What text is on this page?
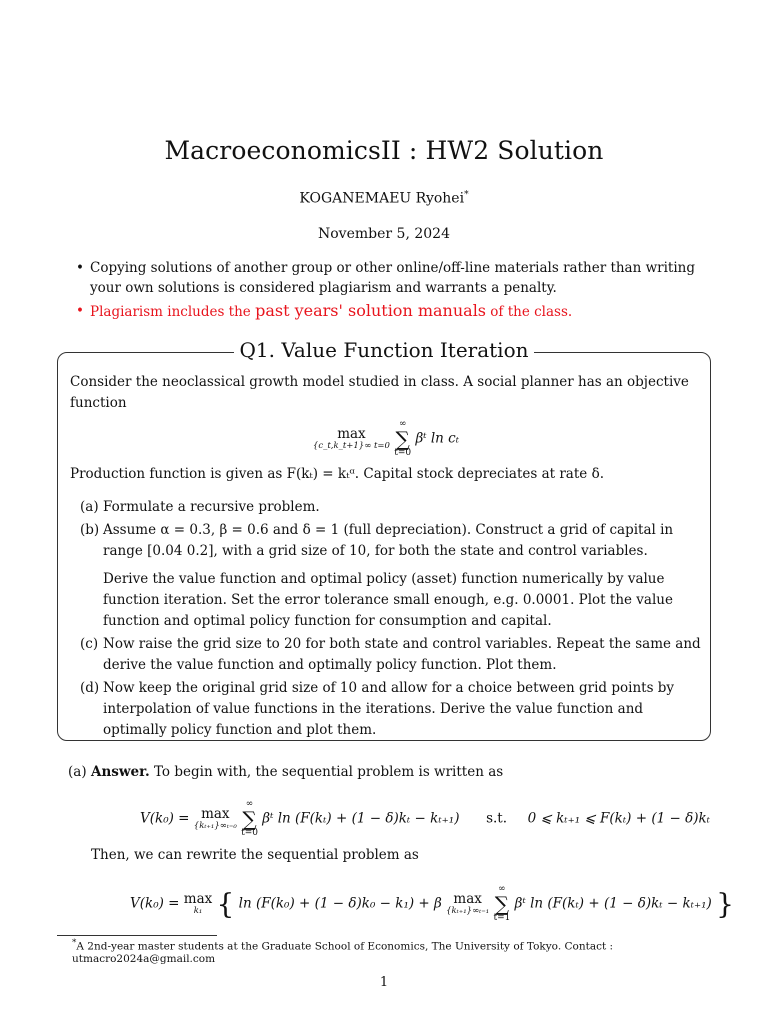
MacroeconomicsII : HW2 Solution
KOGANEMAEU Ryohei*
November 5, 2024
• Copying solutions of another group or other online/off-line materials rather than writing your own solutions is considered plagiarism and warrants a penalty.
• Plagiarism includes the past years' solution manuals of the class.
Q1. Value Function Iteration
Consider the neoclassical growth model studied in class. A social planner has an objective function
max
{c_t,k_t+1}∞ t=0

∞
∑
t=0
βᵗ ln cₜ
Production function is given as F(kₜ) = kₜᵅ. Capital stock depreciates at rate δ.
(a) Formulate a recursive problem.
(b) Assume α = 0.3, β = 0.6 and δ = 1 (full depreciation). Construct a grid of capital in range [0.04 0.2], with a grid size of 10, for both the state and control variables.
Derive the value function and optimal policy (asset) function numerically by value function iteration. Set the error tolerance small enough, e.g. 0.0001. Plot the value function and optimal policy function for consumption and capital.
(c) Now raise the grid size to 20 for both state and control variables. Repeat the same and derive the value function and optimally policy function. Plot them.
(d) Now keep the original grid size of 10 and allow for a choice between grid points by interpolation of value functions in the iterations. Derive the value function and optimally policy function and plot them.
(a) Answer. To begin with, the sequential problem is written as
V(k₀) = max
{kₜ₊₁}∞ₜ₌₀

∞
∑
t=0
βᵗ ln (F(kₜ) + (1 − δ)kₜ − kₜ₊₁) s.t. 0 ⩽ kₜ₊₁ ⩽ F(kₜ) + (1 − δ)kₜ
Then, we can rewrite the sequential problem as
V(k₀) = max
k₁ { ln (F(k₀) + (1 − δ)k₀ − k₁) + β max
{kₜ₊₁}∞ₜ₌₁

∞
∑
t=1
βᵗ ln (F(kₜ) + (1 − δ)kₜ − kₜ₊₁) }
*A 2nd-year master students at the Graduate School of Economics, The University of Tokyo. Contact : utmacro2024a@gmail.com
1
